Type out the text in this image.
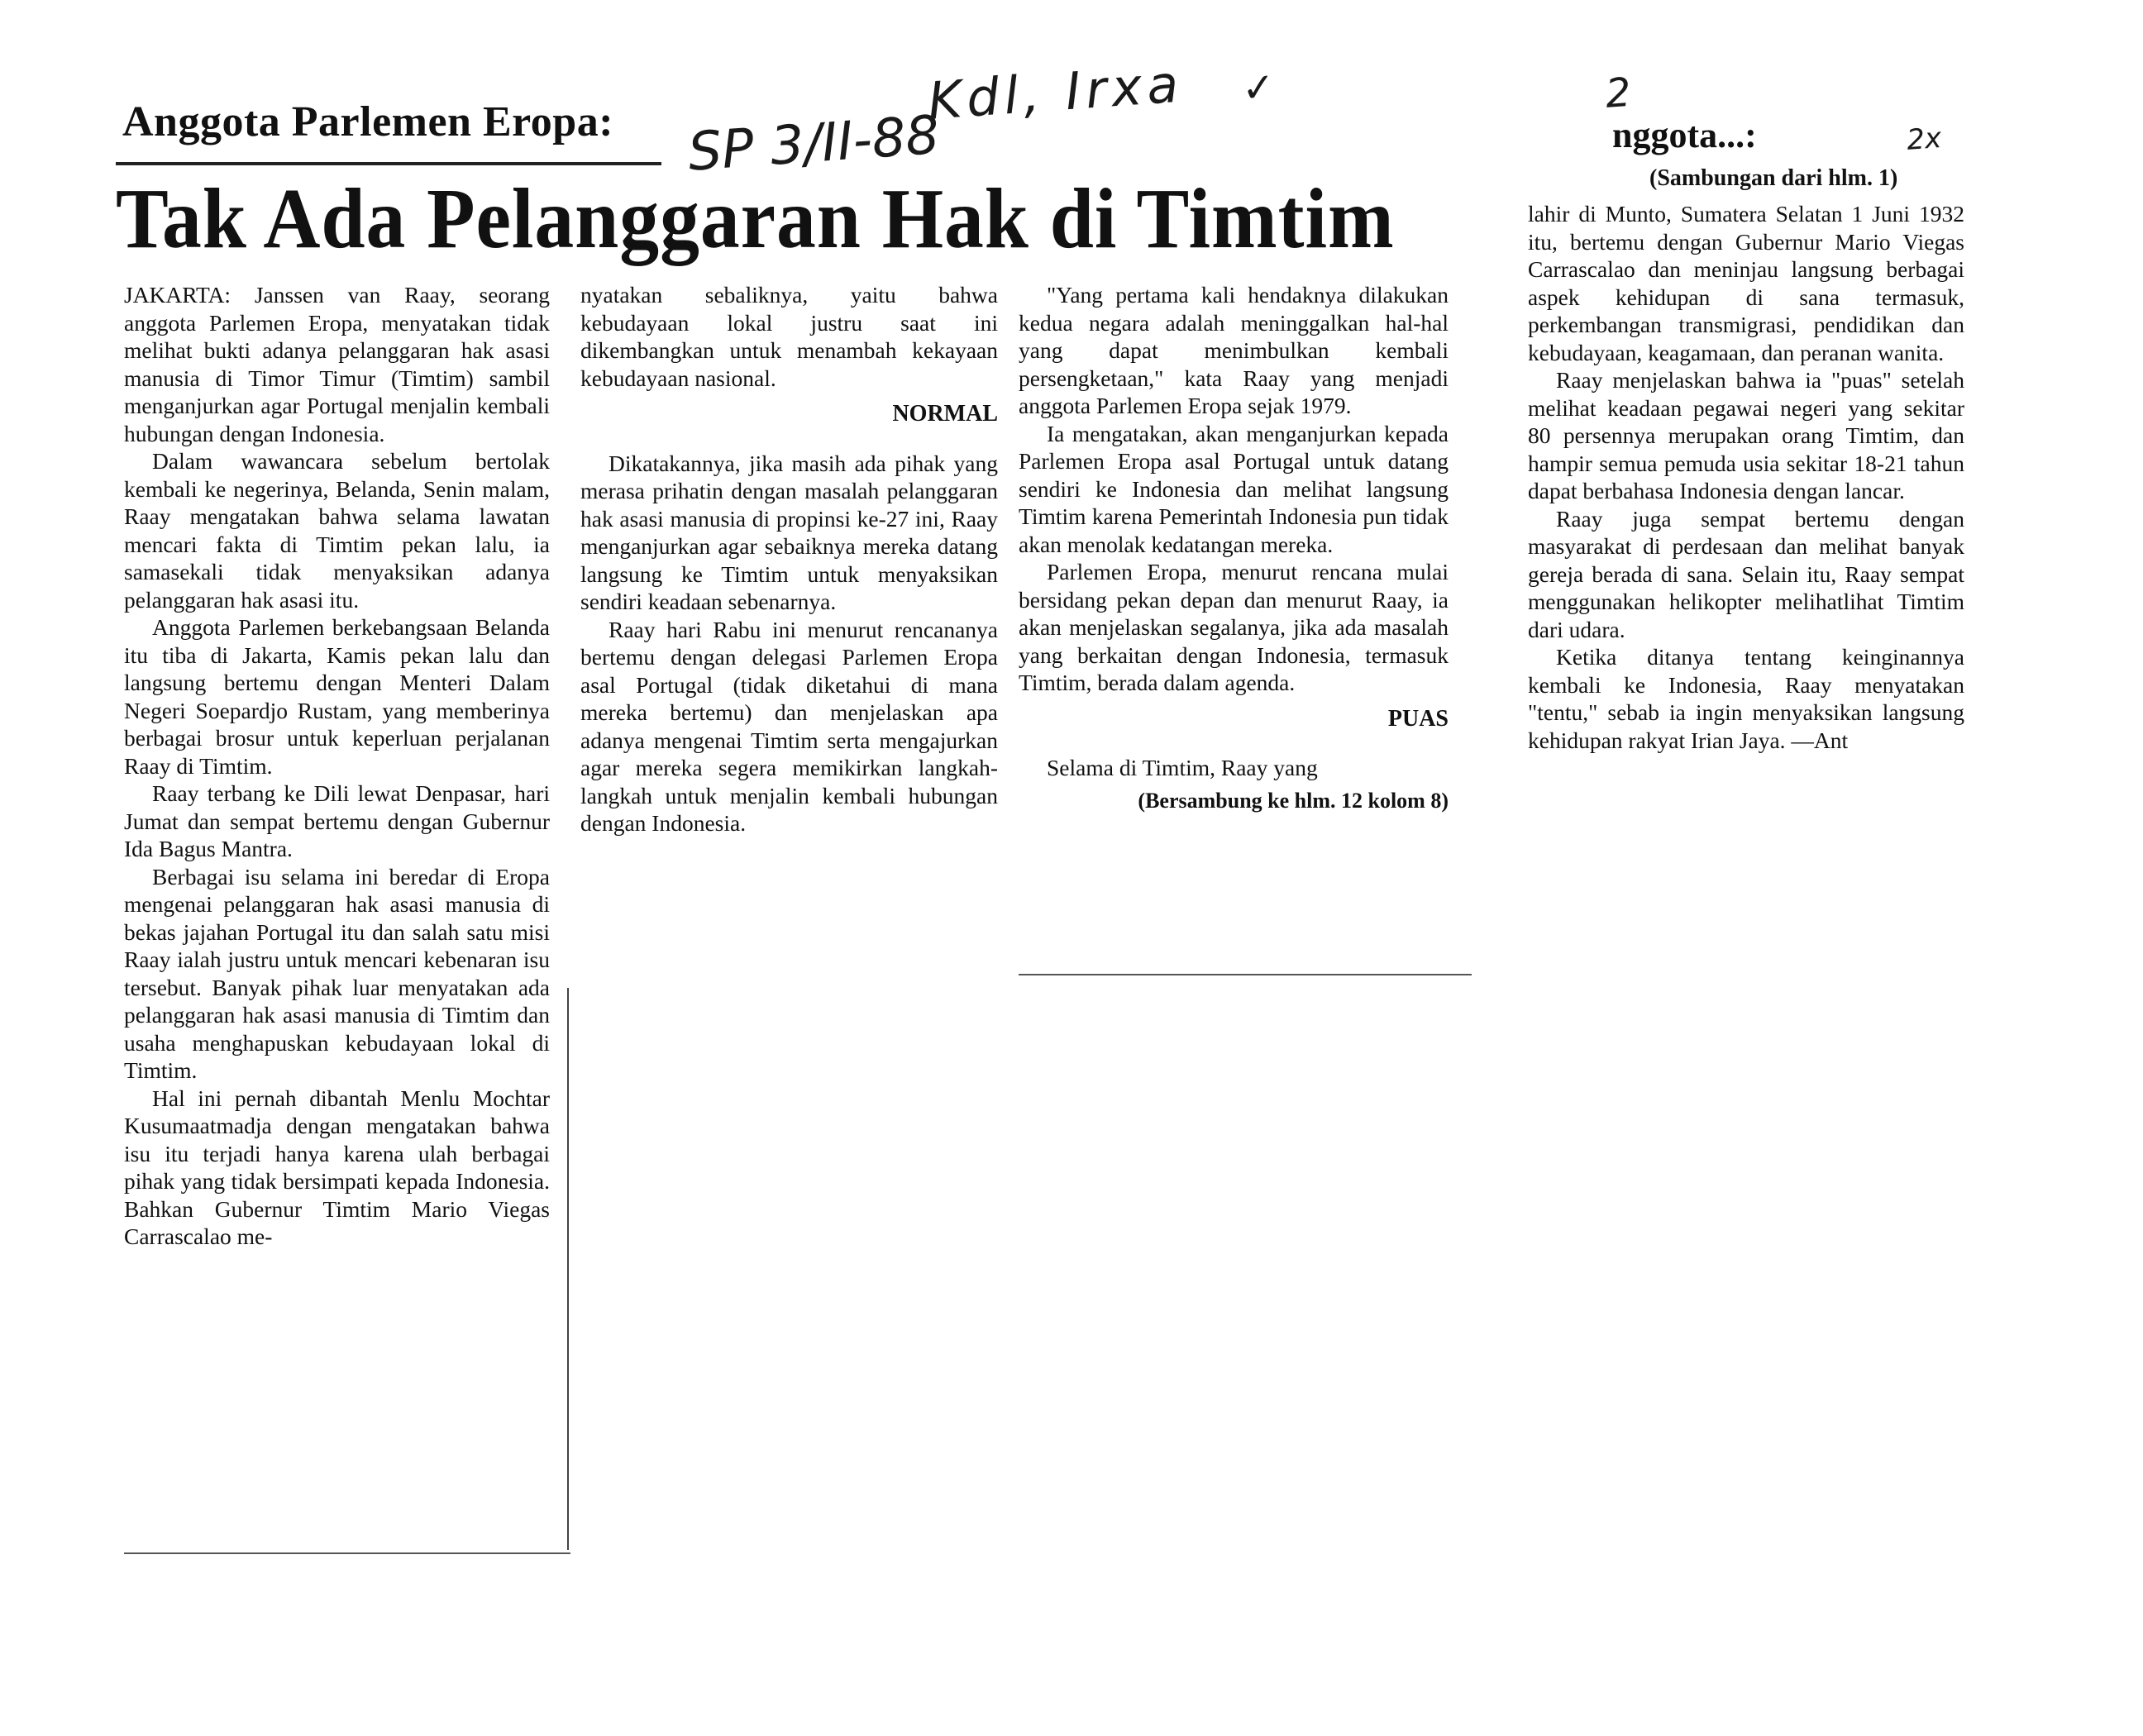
Kdl, Irxa
SP 3/II-88
✓	2
2x
Anggota Parlemen Eropa:
Tak Ada Pelanggaran Hak di Timtim

JAKARTA: Janssen van Raay, seorang anggota Parlemen Eropa, menyatakan tidak melihat bukti adanya pelanggaran hak asasi manusia di Timor Timur (Timtim) sambil menganjurkan agar Portugal menjalin kembali hubungan dengan Indonesia.

Dalam wawancara sebelum bertolak kembali ke negerinya, Belanda, Senin malam, Raay mengatakan bahwa selama lawatan mencari fakta di Timtim pekan lalu, ia samasekali tidak menyaksikan adanya pelanggaran hak asasi itu.

Anggota Parlemen berkebangsaan Belanda itu tiba di Jakarta, Kamis pekan lalu dan langsung bertemu dengan Menteri Dalam Negeri Soepardjo Rustam, yang memberinya berbagai brosur untuk keperluan perjalanan Raay di Timtim.

Raay terbang ke Dili lewat Denpasar, hari Jumat dan sempat bertemu dengan Gubernur Ida Bagus Mantra.

Berbagai isu selama ini beredar di Eropa mengenai pelanggaran hak asasi manusia di bekas jajahan Portugal itu dan salah satu misi Raay ialah justru untuk mencari kebenaran isu tersebut. Banyak pihak luar menyatakan ada pelanggaran hak asasi manusia di Timtim dan usaha menghapuskan kebudayaan lokal di Timtim.

Hal ini pernah dibantah Menlu Mochtar Kusumaatmadja dengan mengatakan bahwa isu itu terjadi hanya karena ulah berbagai pihak yang tidak bersimpati kepada Indonesia. Bahkan Gubernur Timtim Mario Viegas Carrascalao me-

nyatakan sebaliknya, yaitu bahwa kebudayaan lokal justru saat ini dikembangkan untuk menambah kekayaan kebudayaan nasional.

NORMAL

Dikatakannya, jika masih ada pihak yang merasa prihatin dengan masalah pelanggaran hak asasi manusia di propinsi ke-27 ini, Raay menganjurkan agar sebaiknya mereka datang langsung ke Timtim untuk menyaksikan sendiri keadaan sebenarnya.

Raay hari Rabu ini menurut rencananya bertemu dengan delegasi Parlemen Eropa asal Portugal (tidak diketahui di mana mereka bertemu) dan menjelaskan apa adanya mengenai Timtim serta mengajurkan agar mereka segera memikirkan langkah-langkah untuk menjalin kembali hubungan dengan Indonesia.

"Yang pertama kali hendaknya dilakukan kedua negara adalah meninggalkan hal-hal yang dapat menimbulkan kembali persengketaan," kata Raay yang menjadi anggota Parlemen Eropa sejak 1979.

Ia mengatakan, akan menganjurkan kepada Parlemen Eropa asal Portugal untuk datang sendiri ke Indonesia dan melihat langsung Timtim karena Pemerintah Indonesia pun tidak akan menolak kedatangan mereka.

Parlemen Eropa, menurut rencana mulai bersidang pekan depan dan menurut Raay, ia akan menjelaskan segalanya, jika ada masalah yang berkaitan dengan Indonesia, termasuk Timtim, berada dalam agenda.

PUAS

Selama di Timtim, Raay yang

(Bersambung ke hlm. 12 kolom 8)
nggota...:
(Sambungan dari hlm. 1)

lahir di Munto, Sumatera Selatan 1 Juni 1932 itu, bertemu dengan Gubernur Mario Viegas Carrascalao dan meninjau langsung berbagai aspek kehidupan di sana termasuk, perkembangan transmigrasi, pendidikan dan kebudayaan, keagamaan, dan peranan wanita.

Raay menjelaskan bahwa ia "puas" setelah melihat keadaan pegawai negeri yang sekitar 80 persennya merupakan orang Timtim, dan hampir semua pemuda usia sekitar 18-21 tahun dapat berbahasa Indonesia dengan lancar.

Raay juga sempat bertemu dengan masyarakat di perdesaan dan melihat banyak gereja berada di sana. Selain itu, Raay sempat menggunakan helikopter melihatlihat Timtim dari udara.

Ketika ditanya tentang keinginannya kembali ke Indonesia, Raay menyatakan "tentu," sebab ia ingin menyaksikan langsung kehidupan rakyat Irian Jaya. —Ant
